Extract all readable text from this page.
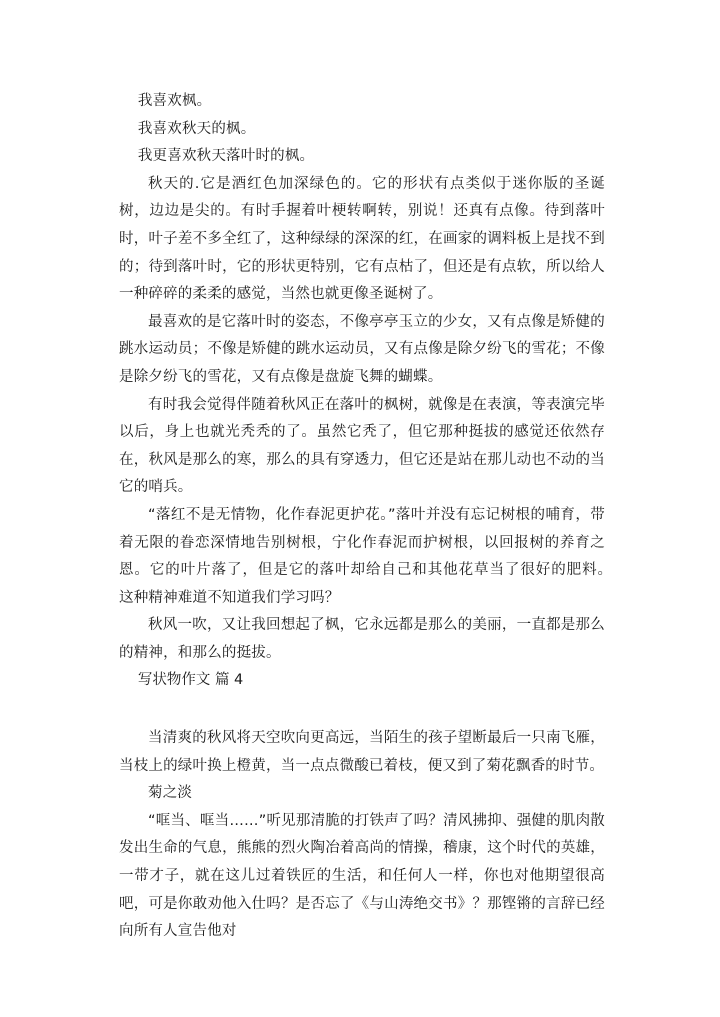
我喜欢枫。

我喜欢秋天的枫。

我更喜欢秋天落叶时的枫。

秋天的.它是酒红色加深绿色的。它的形状有点类似于迷你版的圣诞树，边边是尖的。有时手握着叶梗转啊转，别说！还真有点像。待到落叶时，叶子差不多全红了，这种绿绿的深深的红，在画家的调料板上是找不到的；待到落叶时，它的形状更特别，它有点枯了，但还是有点软，所以给人一种碎碎的柔柔的感觉，当然也就更像圣诞树了。

最喜欢的是它落叶时的姿态，不像亭亭玉立的少女，又有点像是矫健的跳水运动员；不像是矫健的跳水运动员，又有点像是除夕纷飞的雪花；不像是除夕纷飞的雪花，又有点像是盘旋飞舞的蝴蝶。

有时我会觉得伴随着秋风正在落叶的枫树，就像是在表演，等表演完毕以后，身上也就光秃秃的了。虽然它秃了，但它那种挺拔的感觉还依然存在，秋风是那么的寒，那么的具有穿透力，但它还是站在那儿动也不动的当它的哨兵。

“落红不是无情物，化作春泥更护花。”落叶并没有忘记树根的哺育，带着无限的眷恋深情地告别树根，宁化作春泥而护树根，以回报树的养育之恩。它的叶片落了，但是它的落叶却给自己和其他花草当了很好的肥料。　这种精神难道不知道我们学习吗？

秋风一吹，又让我回想起了枫，它永远都是那么的美丽，一直都是那么的精神，和那么的挺拔。

写状物作文 篇 4

当清爽的秋风将天空吹向更高远，当陌生的孩子望断最后一只南飞雁，当枝上的绿叶换上橙黄，当一点点微酸已着枝，便又到了菊花飘香的时节。

菊之淡

“哐当、哐当……”听见那清脆的打铁声了吗？清风拂抑、强健的肌肉散发出生命的气息，熊熊的烈火陶冶着高尚的情操，稽康，这个时代的英雄，一带才子，就在这儿过着铁匠的生活，和任何人一样，你也对他期望很高吧，可是你敢劝他入仕吗？是否忘了《与山涛绝交书》？那铿锵的言辞已经向所有人宣告他对
